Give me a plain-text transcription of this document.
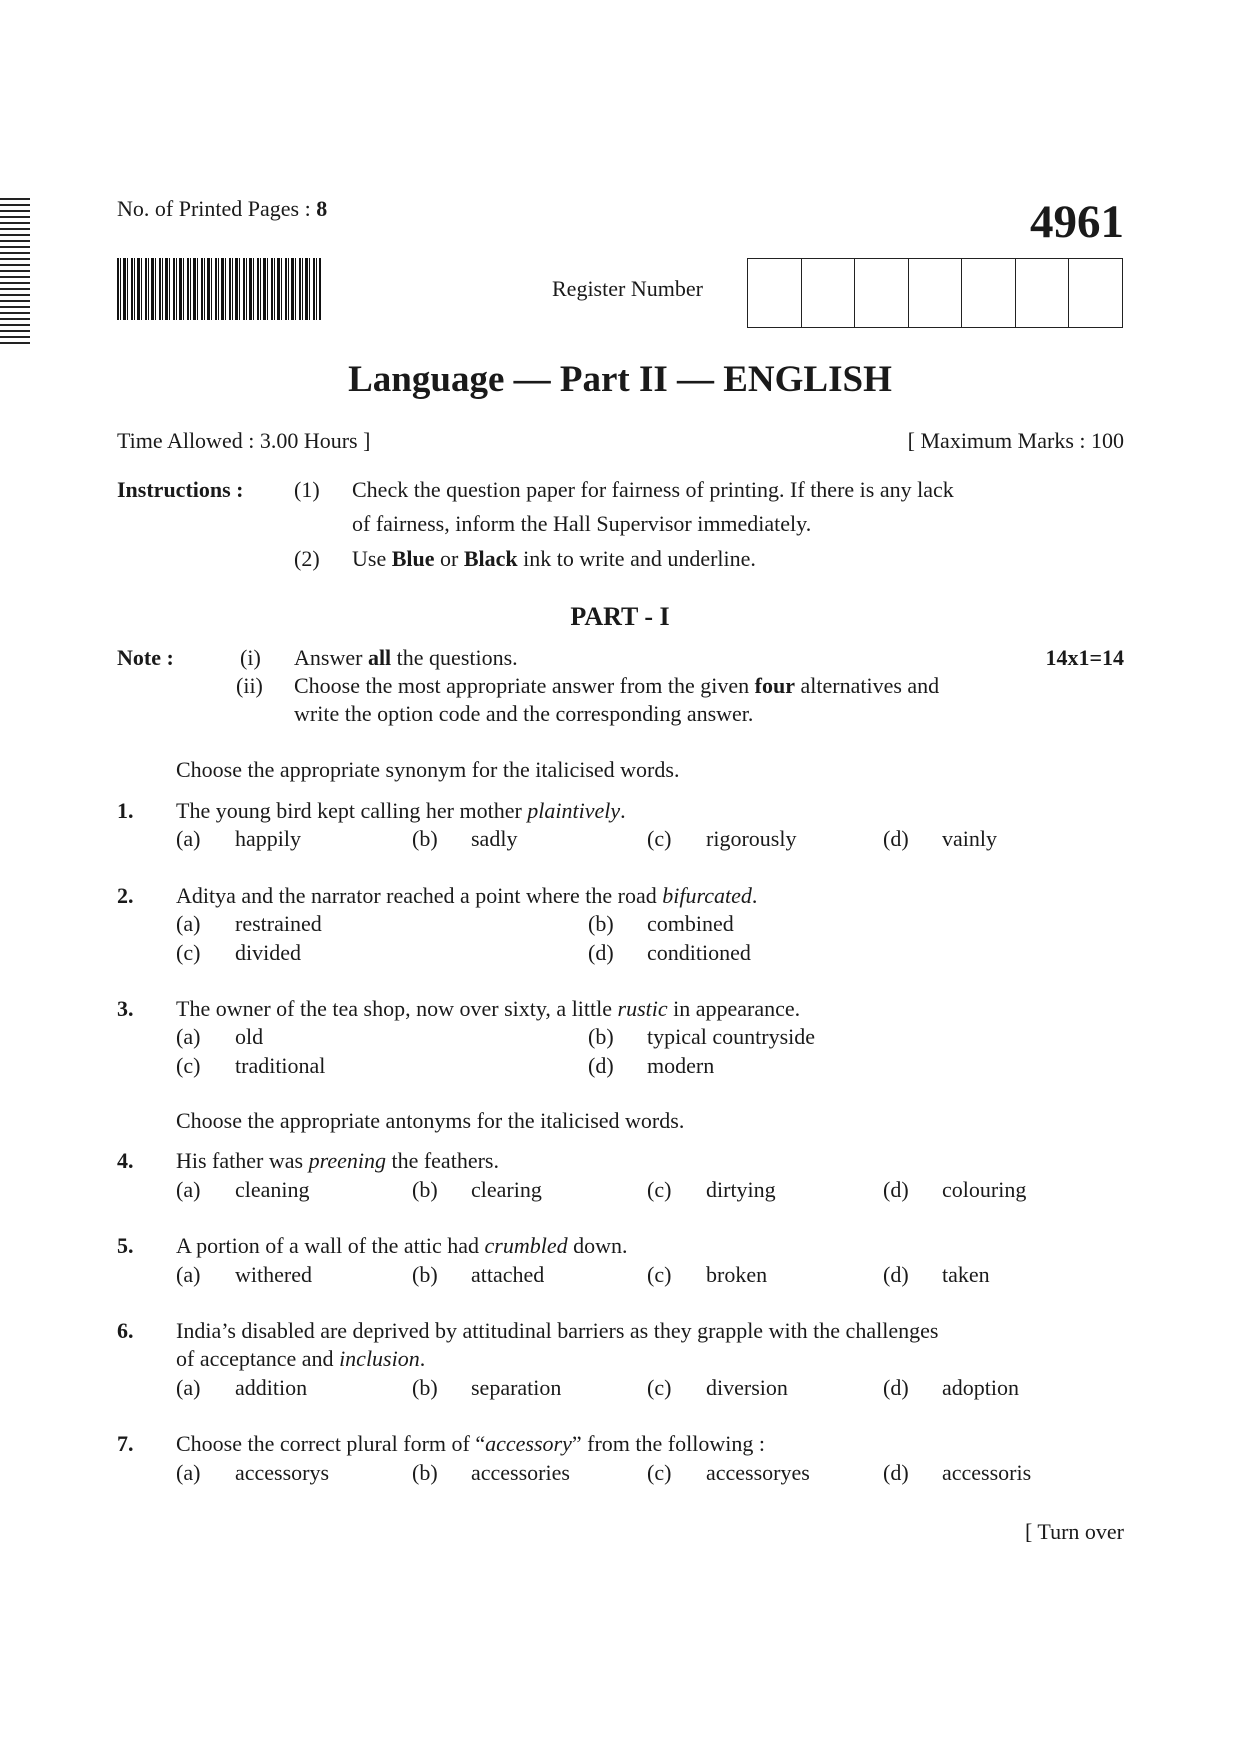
No. of Printed Pages : 8	4961
Register Number
Language — Part II — ENGLISH
Time Allowed : 3.00 Hours ]	[ Maximum Marks : 100
Instructions : (1) Check the question paper for fairness of printing. If there is any lack
of fairness, inform the Hall Supervisor immediately.
(2) Use Blue or Black ink to write and underline.
PART - I
Note :	(i) Answer all the questions.	14x1=14
(ii) Choose the most appropriate answer from the given four alternatives and
write the option code and the corresponding answer.
Choose the appropriate synonym for the italicised words.
1. The young bird kept calling her mother plaintively.
(a) happily	(b) sadly	(c) rigorously	(d) vainly
2. Aditya and the narrator reached a point where the road bifurcated.
(a) restrained	(b) combined
(c) divided	(d) conditioned
3. The owner of the tea shop, now over sixty, a little rustic in appearance.
(a) old	(b) typical countryside
(c) traditional	(d) modern
Choose the appropriate antonyms for the italicised words.
4. His father was preening the feathers.
(a) cleaning	(b) clearing	(c) dirtying	(d) colouring
5. A portion of a wall of the attic had crumbled down.
(a) withered	(b) attached	(c) broken	(d) taken
6. India’s disabled are deprived by attitudinal barriers as they grapple with the challenges
of acceptance and inclusion.
(a) addition	(b) separation	(c) diversion	(d) adoption
7. Choose the correct plural form of “accessory” from the following :
(a) accessorys	(b) accessories	(c) accessoryes	(d) accessoris
[ Turn over
